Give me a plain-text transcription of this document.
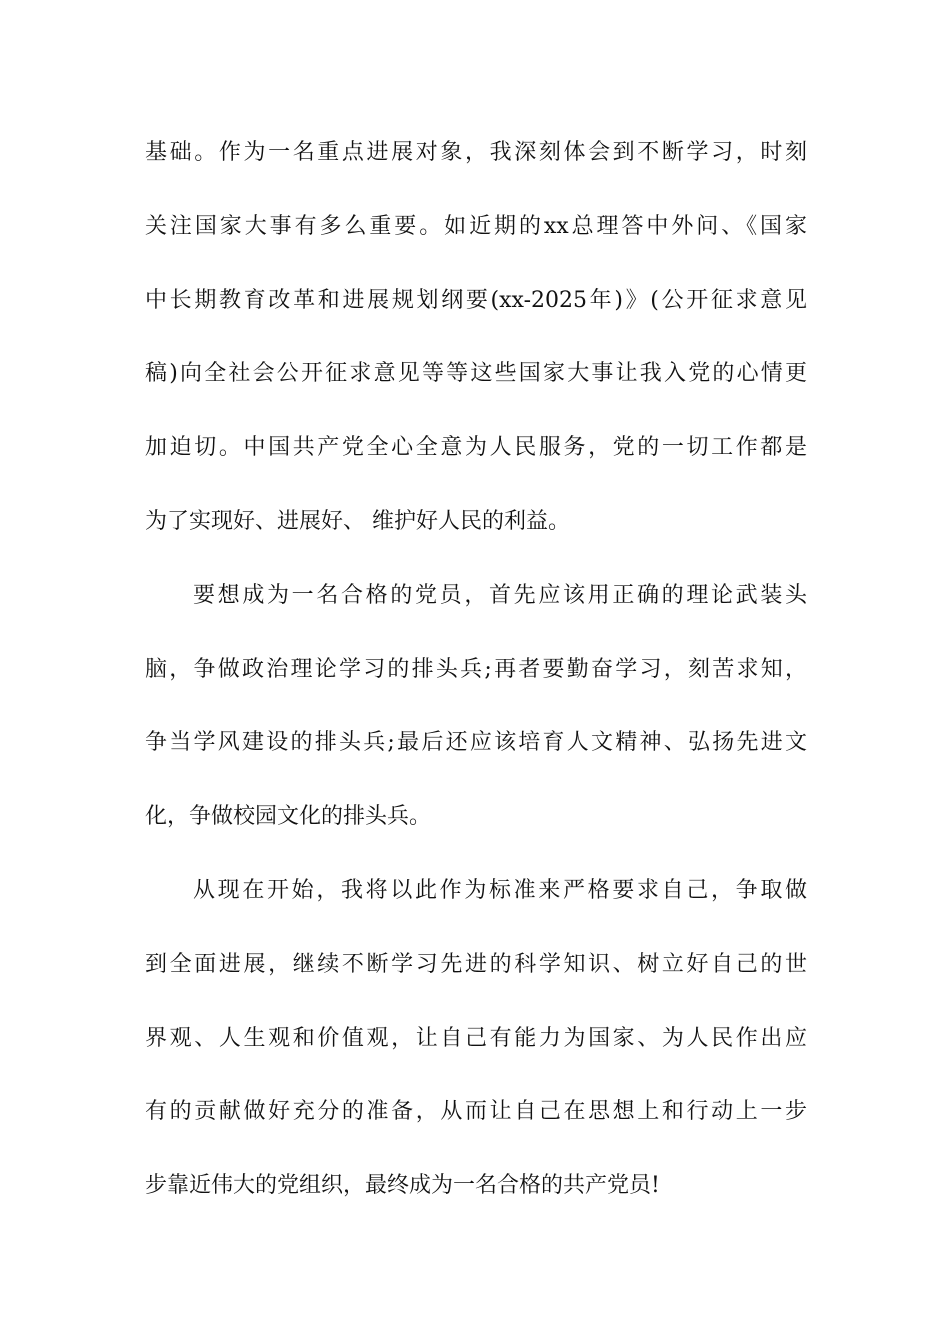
基础。作为一名重点进展对象，我深刻体会到不断学习，时刻
关注国家大事有多么重要。如近期的xx总理答中外问、《国家
中长期教育改革和进展规划纲要(xx-2025年)》(公开征求意见
稿)向全社会公开征求意见等等这些国家大事让我入党的心情更
加迫切。中国共产党全心全意为人民服务，党的一切工作都是
为了实现好、进展好、 维护好人民的利益。
要想成为一名合格的党员，首先应该用正确的理论武装头
脑，争做政治理论学习的排头兵;再者要勤奋学习，刻苦求知，
争当学风建设的排头兵;最后还应该培育人文精神、弘扬先进文
化，争做校园文化的排头兵。
从现在开始，我将以此作为标准来严格要求自己，争取做
到全面进展，继续不断学习先进的科学知识、树立好自己的世
界观、人生观和价值观，让自己有能力为国家、为人民作出应
有的贡献做好充分的准备，从而让自己在思想上和行动上一步
步靠近伟大的党组织，最终成为一名合格的共产党员!
